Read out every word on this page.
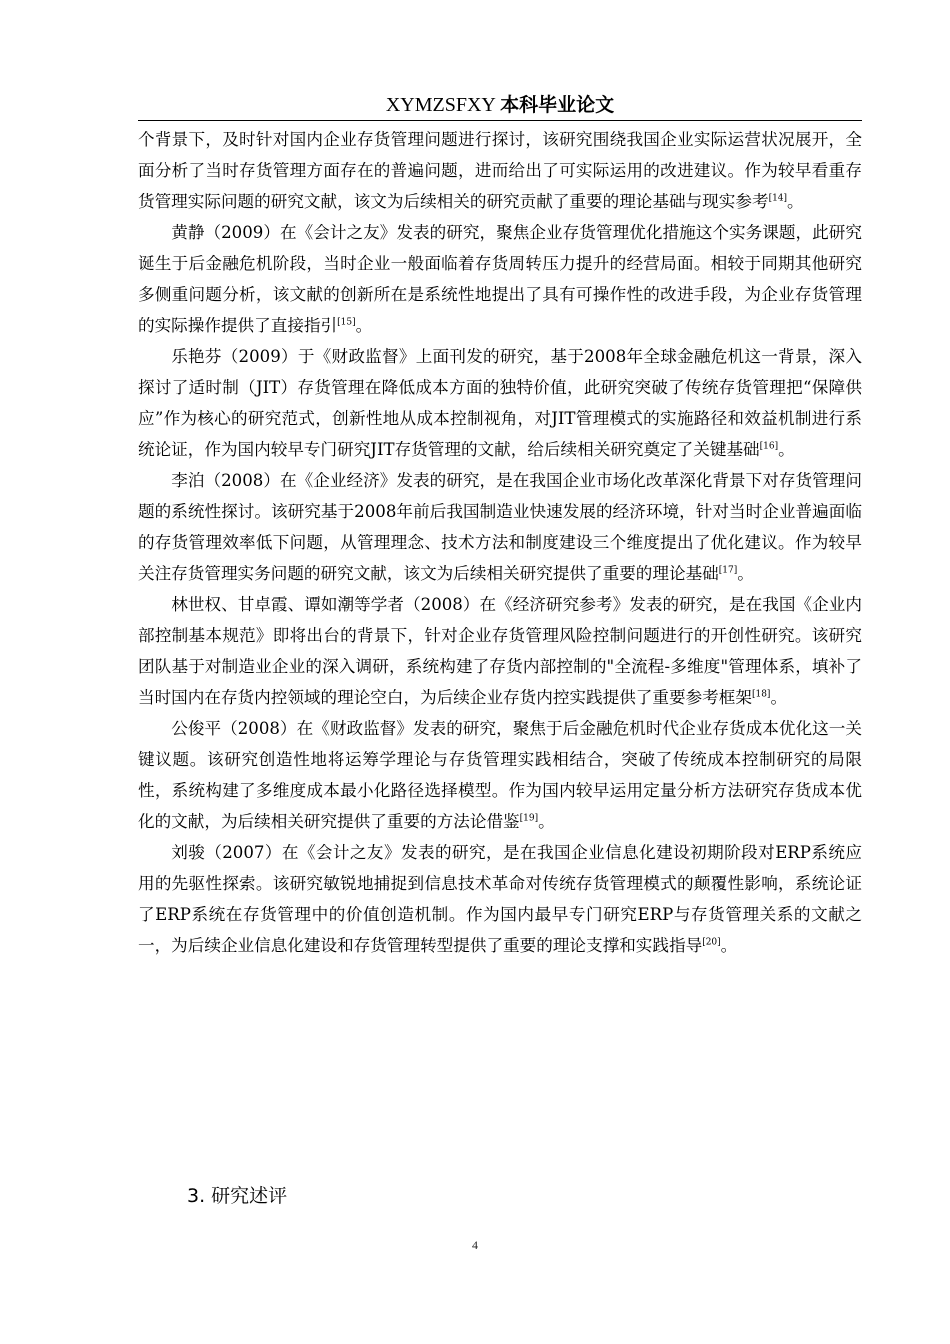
XYMZSFXY 本科毕业论文

个背景下，及时针对国内企业存货管理问题进行探讨，该研究围绕我国企业实际运营状况展开，全面分析了当时存货管理方面存在的普遍问题，进而给出了可实际运用的改进建议。作为较早看重存货管理实际问题的研究文献，该文为后续相关的研究贡献了重要的理论基础与现实参考[14]。

黄静（2009）在《会计之友》发表的研究，聚焦企业存货管理优化措施这个实务课题，此研究诞生于后金融危机阶段，当时企业一般面临着存货周转压力提升的经营局面。相较于同期其他研究多侧重问题分析，该文献的创新所在是系统性地提出了具有可操作性的改进手段，为企业存货管理的实际操作提供了直接指引[15]。

乐艳芬（2009）于《财政监督》上面刊发的研究，基于2008年全球金融危机这一背景，深入探讨了适时制（JIT）存货管理在降低成本方面的独特价值，此研究突破了传统存货管理把“保障供应”作为核心的研究范式，创新性地从成本控制视角，对JIT管理模式的实施路径和效益机制进行系统论证，作为国内较早专门研究JIT存货管理的文献，给后续相关研究奠定了关键基础[16]。

李泊（2008）在《企业经济》发表的研究，是在我国企业市场化改革深化背景下对存货管理问题的系统性探讨。该研究基于2008年前后我国制造业快速发展的经济环境，针对当时企业普遍面临的存货管理效率低下问题，从管理理念、技术方法和制度建设三个维度提出了优化建议。作为较早关注存货管理实务问题的研究文献，该文为后续相关研究提供了重要的理论基础[17]。

林世权、甘卓霞、谭如潮等学者（2008）在《经济研究参考》发表的研究，是在我国《企业内部控制基本规范》即将出台的背景下，针对企业存货管理风险控制问题进行的开创性研究。该研究团队基于对制造业企业的深入调研，系统构建了存货内部控制的"全流程-多维度"管理体系，填补了当时国内在存货内控领域的理论空白，为后续企业存货内控实践提供了重要参考框架[18]。

公俊平（2008）在《财政监督》发表的研究，聚焦于后金融危机时代企业存货成本优化这一关键议题。该研究创造性地将运筹学理论与存货管理实践相结合，突破了传统成本控制研究的局限性，系统构建了多维度成本最小化路径选择模型。作为国内较早运用定量分析方法研究存货成本优化的文献，为后续相关研究提供了重要的方法论借鉴[19]。

刘骏（2007）在《会计之友》发表的研究，是在我国企业信息化建设初期阶段对ERP系统应用的先驱性探索。该研究敏锐地捕捉到信息技术革命对传统存货管理模式的颠覆性影响，系统论证了ERP系统在存货管理中的价值创造机制。作为国内最早专门研究ERP与存货管理关系的文献之一，为后续企业信息化建设和存货管理转型提供了重要的理论支撑和实践指导[20]。

3. 研究述评
4
